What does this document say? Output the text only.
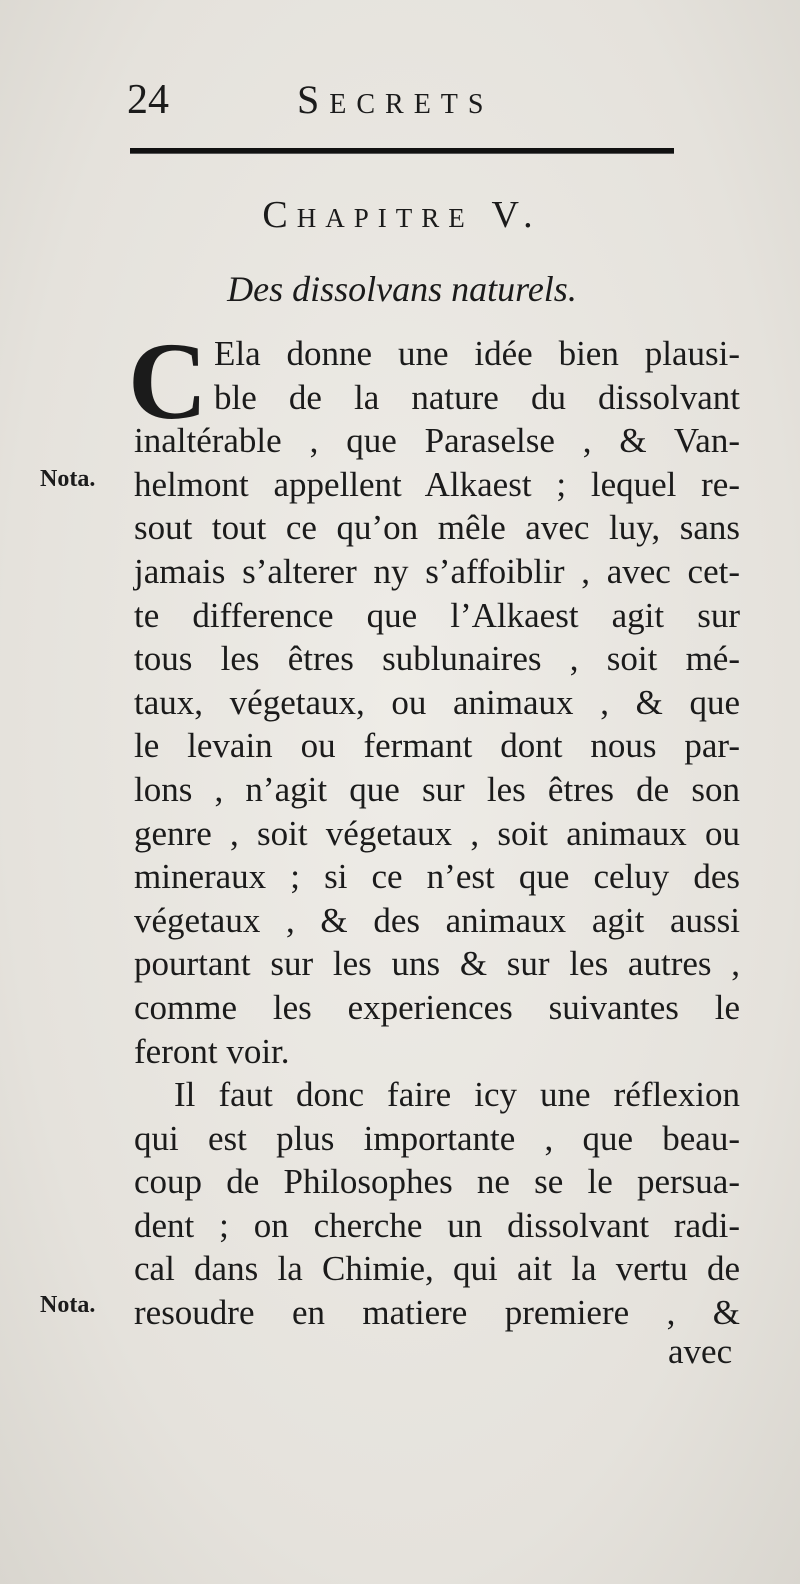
24	Secrets
Chapitre V.
Des dissolvans naturels.
Nota.
Nota.
C Ela donne une idée bien plausi-
ble de la nature du dissolvant
inaltérable , que Paraselse , & Van-
helmont appellent Alkaest ; lequel re-
sout tout ce qu’on mêle avec luy, sans
jamais s’alterer ny s’affoiblir , avec cet-
te difference que l’Alkaest agit sur
tous les êtres sublunaires , soit mé-
taux, végetaux, ou animaux , & que
le levain ou fermant dont nous par-
lons , n’agit que sur les êtres de son
genre , soit végetaux , soit animaux ou
mineraux ; si ce n’est que celuy des
végetaux , & des animaux agit aussi
pourtant sur les uns & sur les autres ,
comme les experiences suivantes le
feront voir.
Il faut donc faire icy une réflexion
qui est plus importante , que beau-
coup de Philosophes ne se le persua-
dent ; on cherche un dissolvant radi-
cal dans la Chimie, qui ait la vertu de
resoudre en matiere premiere , &
avec
